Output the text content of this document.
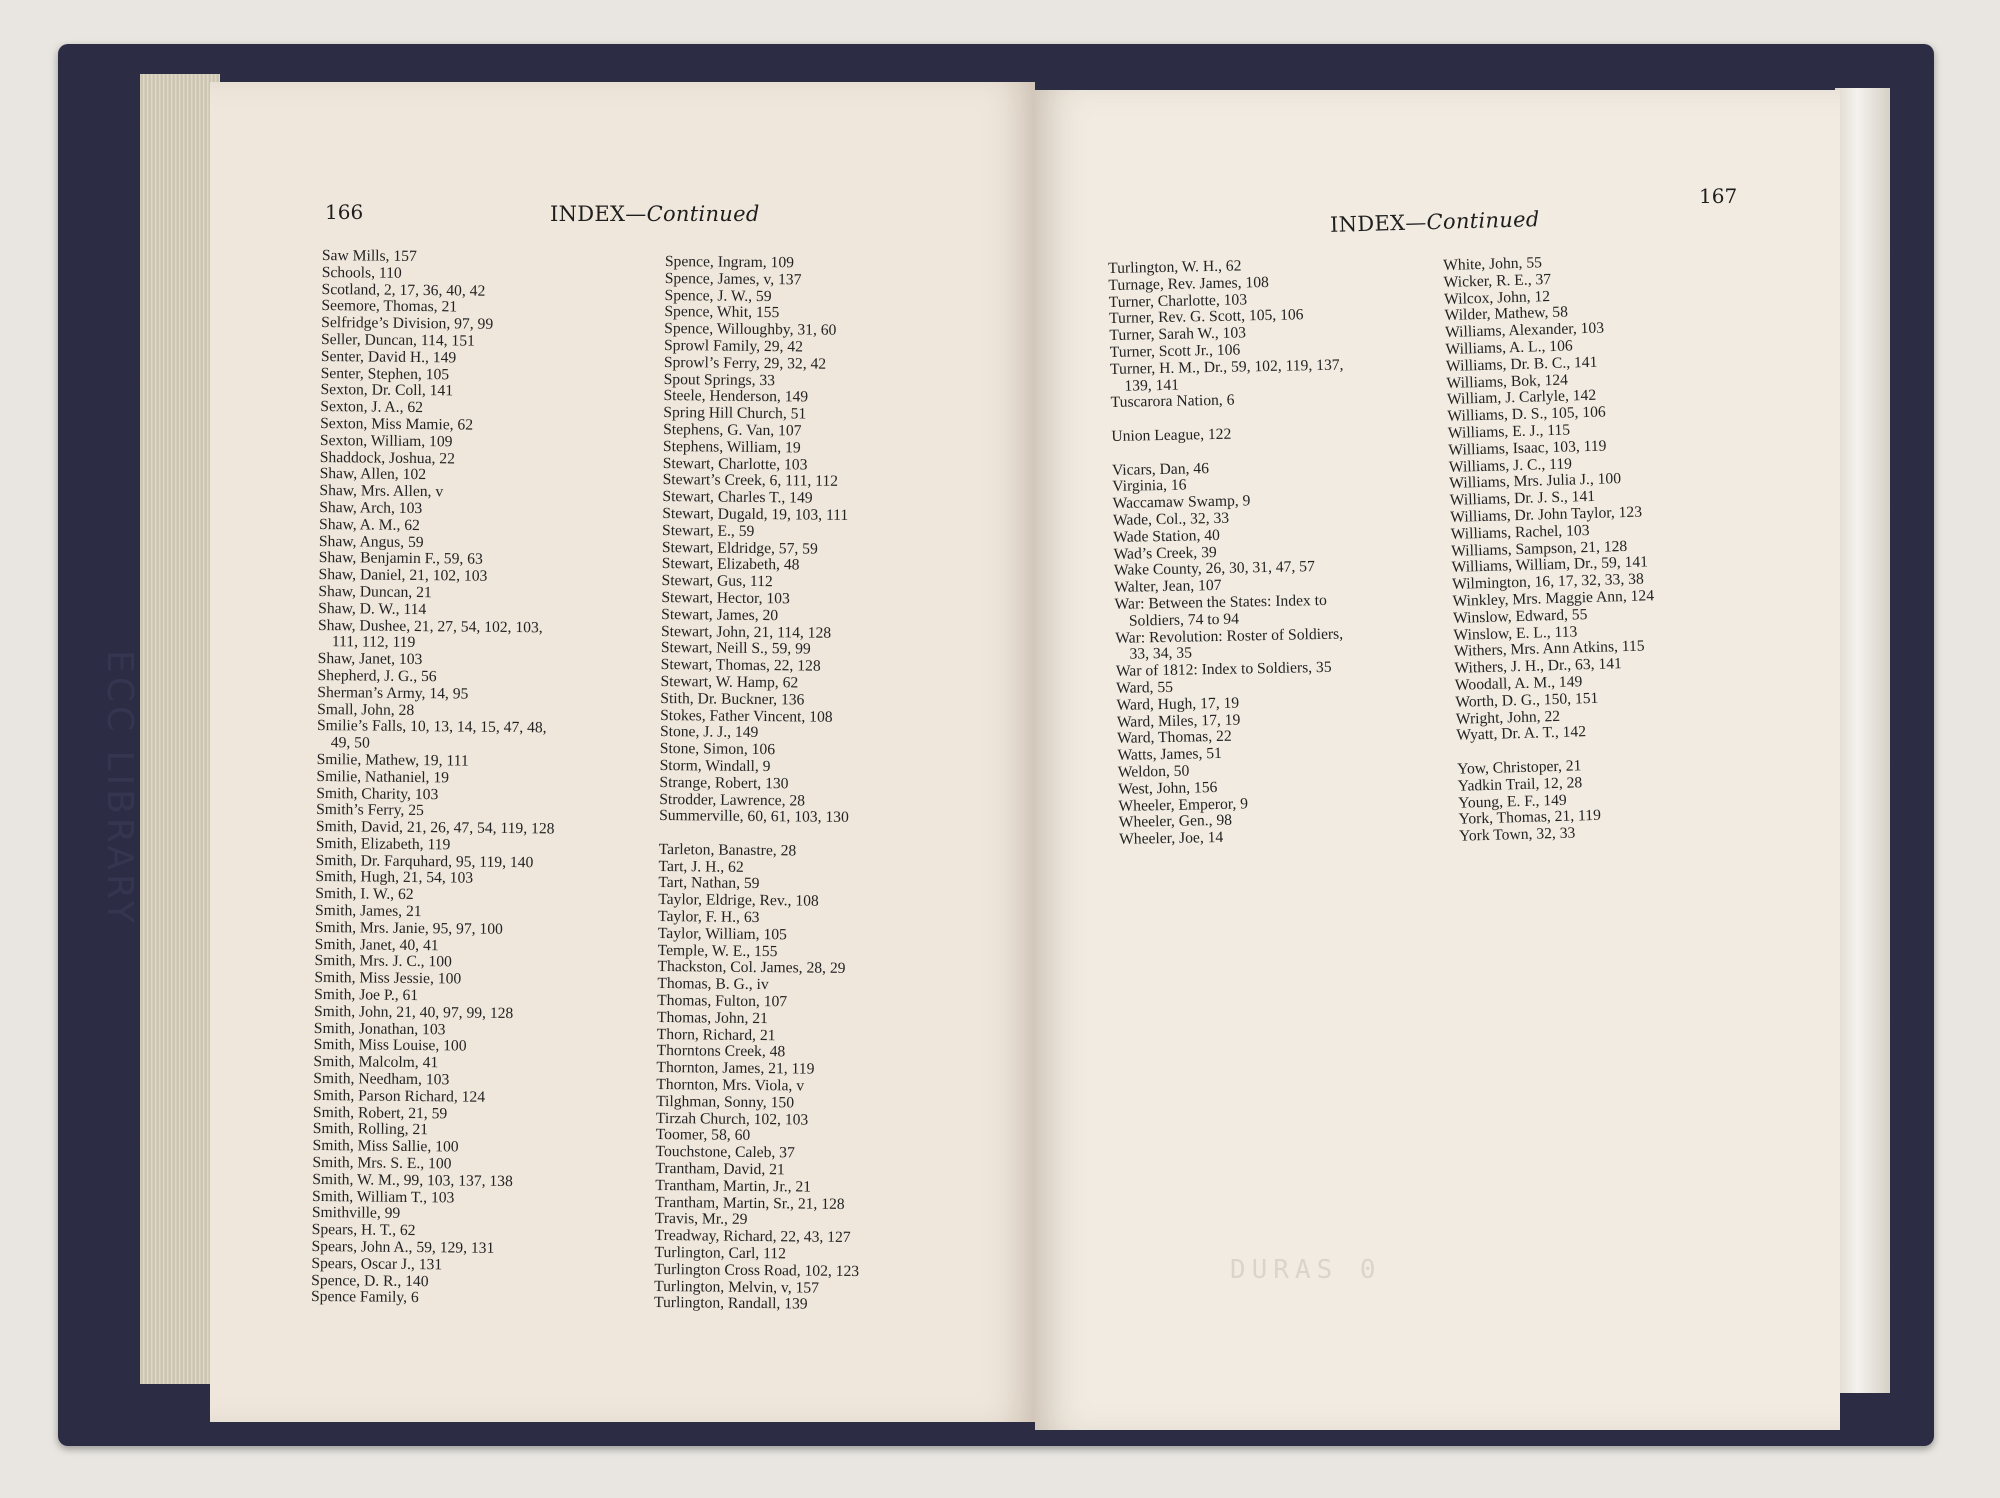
166	INDEX—Continued
Saw Mills, 157
Schools, 110
Scotland, 2, 17, 36, 40, 42
Seemore, Thomas, 21
Selfridge’s Division, 97, 99
Seller, Duncan, 114, 151
Senter, David H., 149
Senter, Stephen, 105
Sexton, Dr. Coll, 141
Sexton, J. A., 62
Sexton, Miss Mamie, 62
Sexton, William, 109
Shaddock, Joshua, 22
Shaw, Allen, 102
Shaw, Mrs. Allen, v
Shaw, Arch, 103
Shaw, A. M., 62
Shaw, Angus, 59
Shaw, Benjamin F., 59, 63
Shaw, Daniel, 21, 102, 103
Shaw, Duncan, 21
Shaw, D. W., 114
Shaw, Dushee, 21, 27, 54, 102, 103,
111, 112, 119
Shaw, Janet, 103
Shepherd, J. G., 56
Sherman’s Army, 14, 95
Small, John, 28
Smilie’s Falls, 10, 13, 14, 15, 47, 48,
49, 50
Smilie, Mathew, 19, 111
Smilie, Nathaniel, 19
Smith, Charity, 103
Smith’s Ferry, 25
Smith, David, 21, 26, 47, 54, 119, 128
Smith, Elizabeth, 119
Smith, Dr. Farquhard, 95, 119, 140
Smith, Hugh, 21, 54, 103
Smith, I. W., 62
Smith, James, 21
Smith, Mrs. Janie, 95, 97, 100
Smith, Janet, 40, 41
Smith, Mrs. J. C., 100
Smith, Miss Jessie, 100
Smith, Joe P., 61
Smith, John, 21, 40, 97, 99, 128
Smith, Jonathan, 103
Smith, Miss Louise, 100
Smith, Malcolm, 41
Smith, Needham, 103
Smith, Parson Richard, 124
Smith, Robert, 21, 59
Smith, Rolling, 21
Smith, Miss Sallie, 100
Smith, Mrs. S. E., 100
Smith, W. M., 99, 103, 137, 138
Smith, William T., 103
Smithville, 99
Spears, H. T., 62
Spears, John A., 59, 129, 131
Spears, Oscar J., 131
Spence, D. R., 140
Spence Family, 6
Spence, Ingram, 109
Spence, James, v, 137
Spence, J. W., 59
Spence, Whit, 155
Spence, Willoughby, 31, 60
Sprowl Family, 29, 42
Sprowl’s Ferry, 29, 32, 42
Spout Springs, 33
Steele, Henderson, 149
Spring Hill Church, 51
Stephens, G. Van, 107
Stephens, William, 19
Stewart, Charlotte, 103
Stewart’s Creek, 6, 111, 112
Stewart, Charles T., 149
Stewart, Dugald, 19, 103, 111
Stewart, E., 59
Stewart, Eldridge, 57, 59
Stewart, Elizabeth, 48
Stewart, Gus, 112
Stewart, Hector, 103
Stewart, James, 20
Stewart, John, 21, 114, 128
Stewart, Neill S., 59, 99
Stewart, Thomas, 22, 128
Stewart, W. Hamp, 62
Stith, Dr. Buckner, 136
Stokes, Father Vincent, 108
Stone, J. J., 149
Stone, Simon, 106
Storm, Windall, 9
Strange, Robert, 130
Strodder, Lawrence, 28
Summerville, 60, 61, 103, 130
Tarleton, Banastre, 28
Tart, J. H., 62
Tart, Nathan, 59
Taylor, Eldrige, Rev., 108
Taylor, F. H., 63
Taylor, William, 105
Temple, W. E., 155
Thackston, Col. James, 28, 29
Thomas, B. G., iv
Thomas, Fulton, 107
Thomas, John, 21
Thorn, Richard, 21
Thorntons Creek, 48
Thornton, James, 21, 119
Thornton, Mrs. Viola, v
Tilghman, Sonny, 150
Tirzah Church, 102, 103
Toomer, 58, 60
Touchstone, Caleb, 37
Trantham, David, 21
Trantham, Martin, Jr., 21
Trantham, Martin, Sr., 21, 128
Travis, Mr., 29
Treadway, Richard, 22, 43, 127
Turlington, Carl, 112
Turlington Cross Road, 102, 123
Turlington, Melvin, v, 157
Turlington, Randall, 139
167
INDEX—Continued
Turlington, W. H., 62
Turnage, Rev. James, 108
Turner, Charlotte, 103
Turner, Rev. G. Scott, 105, 106
Turner, Sarah W., 103
Turner, Scott Jr., 106
Turner, H. M., Dr., 59, 102, 119, 137,
139, 141
Tuscarora Nation, 6
Union League, 122
Vicars, Dan, 46
Virginia, 16
Waccamaw Swamp, 9
Wade, Col., 32, 33
Wade Station, 40
Wad’s Creek, 39
Wake County, 26, 30, 31, 47, 57
Walter, Jean, 107
War: Between the States: Index to
Soldiers, 74 to 94
War: Revolution: Roster of Soldiers,
33, 34, 35
War of 1812: Index to Soldiers, 35
Ward, 55
Ward, Hugh, 17, 19
Ward, Miles, 17, 19
Ward, Thomas, 22
Watts, James, 51
Weldon, 50
West, John, 156
Wheeler, Emperor, 9
Wheeler, Gen., 98
Wheeler, Joe, 14
White, John, 55
Wicker, R. E., 37
Wilcox, John, 12
Wilder, Mathew, 58
Williams, Alexander, 103
Williams, A. L., 106
Williams, Dr. B. C., 141
Williams, Bok, 124
William, J. Carlyle, 142
Williams, D. S., 105, 106
Williams, E. J., 115
Williams, Isaac, 103, 119
Williams, J. C., 119
Williams, Mrs. Julia J., 100
Williams, Dr. J. S., 141
Williams, Dr. John Taylor, 123
Williams, Rachel, 103
Williams, Sampson, 21, 128
Williams, William, Dr., 59, 141
Wilmington, 16, 17, 32, 33, 38
Winkley, Mrs. Maggie Ann, 124
Winslow, Edward, 55
Winslow, E. L., 113
Withers, Mrs. Ann Atkins, 115
Withers, J. H., Dr., 63, 141
Woodall, A. M., 149
Worth, D. G., 150, 151
Wright, John, 22
Wyatt, Dr. A. T., 142
Yow, Christoper, 21
Yadkin Trail, 12, 28
Young, E. F., 149
York, Thomas, 21, 119
York Town, 32, 33
ECC LIBRARY
DURAS 0
